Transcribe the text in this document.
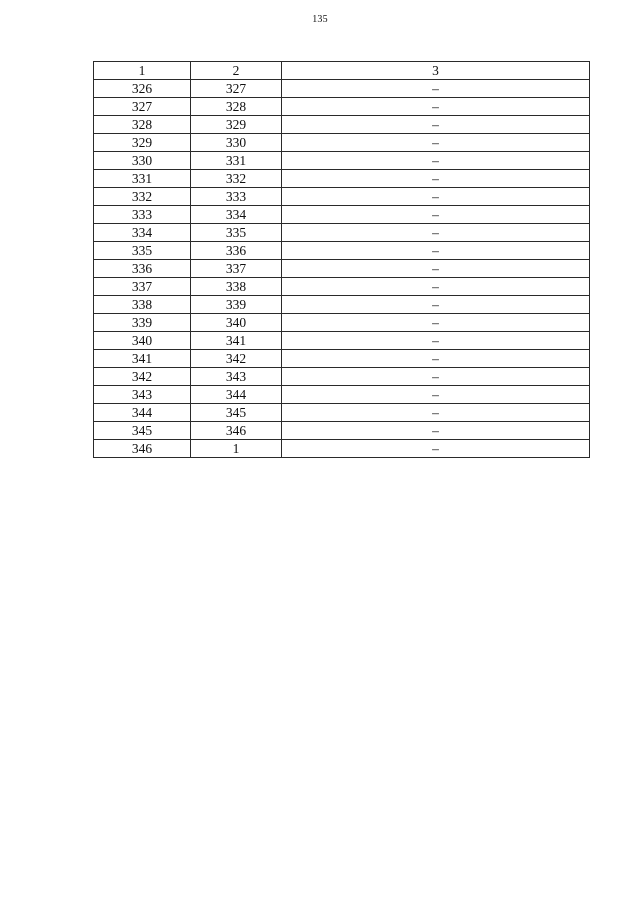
135
1	2	3
326	327	–
327	328	–
328	329	–
329	330	–
330	331	–
331	332	–
332	333	–
333	334	–
334	335	–
335	336	–
336	337	–
337	338	–
338	339	–
339	340	–
340	341	–
341	342	–
342	343	–
343	344	–
344	345	–
345	346	–
346	1	–
